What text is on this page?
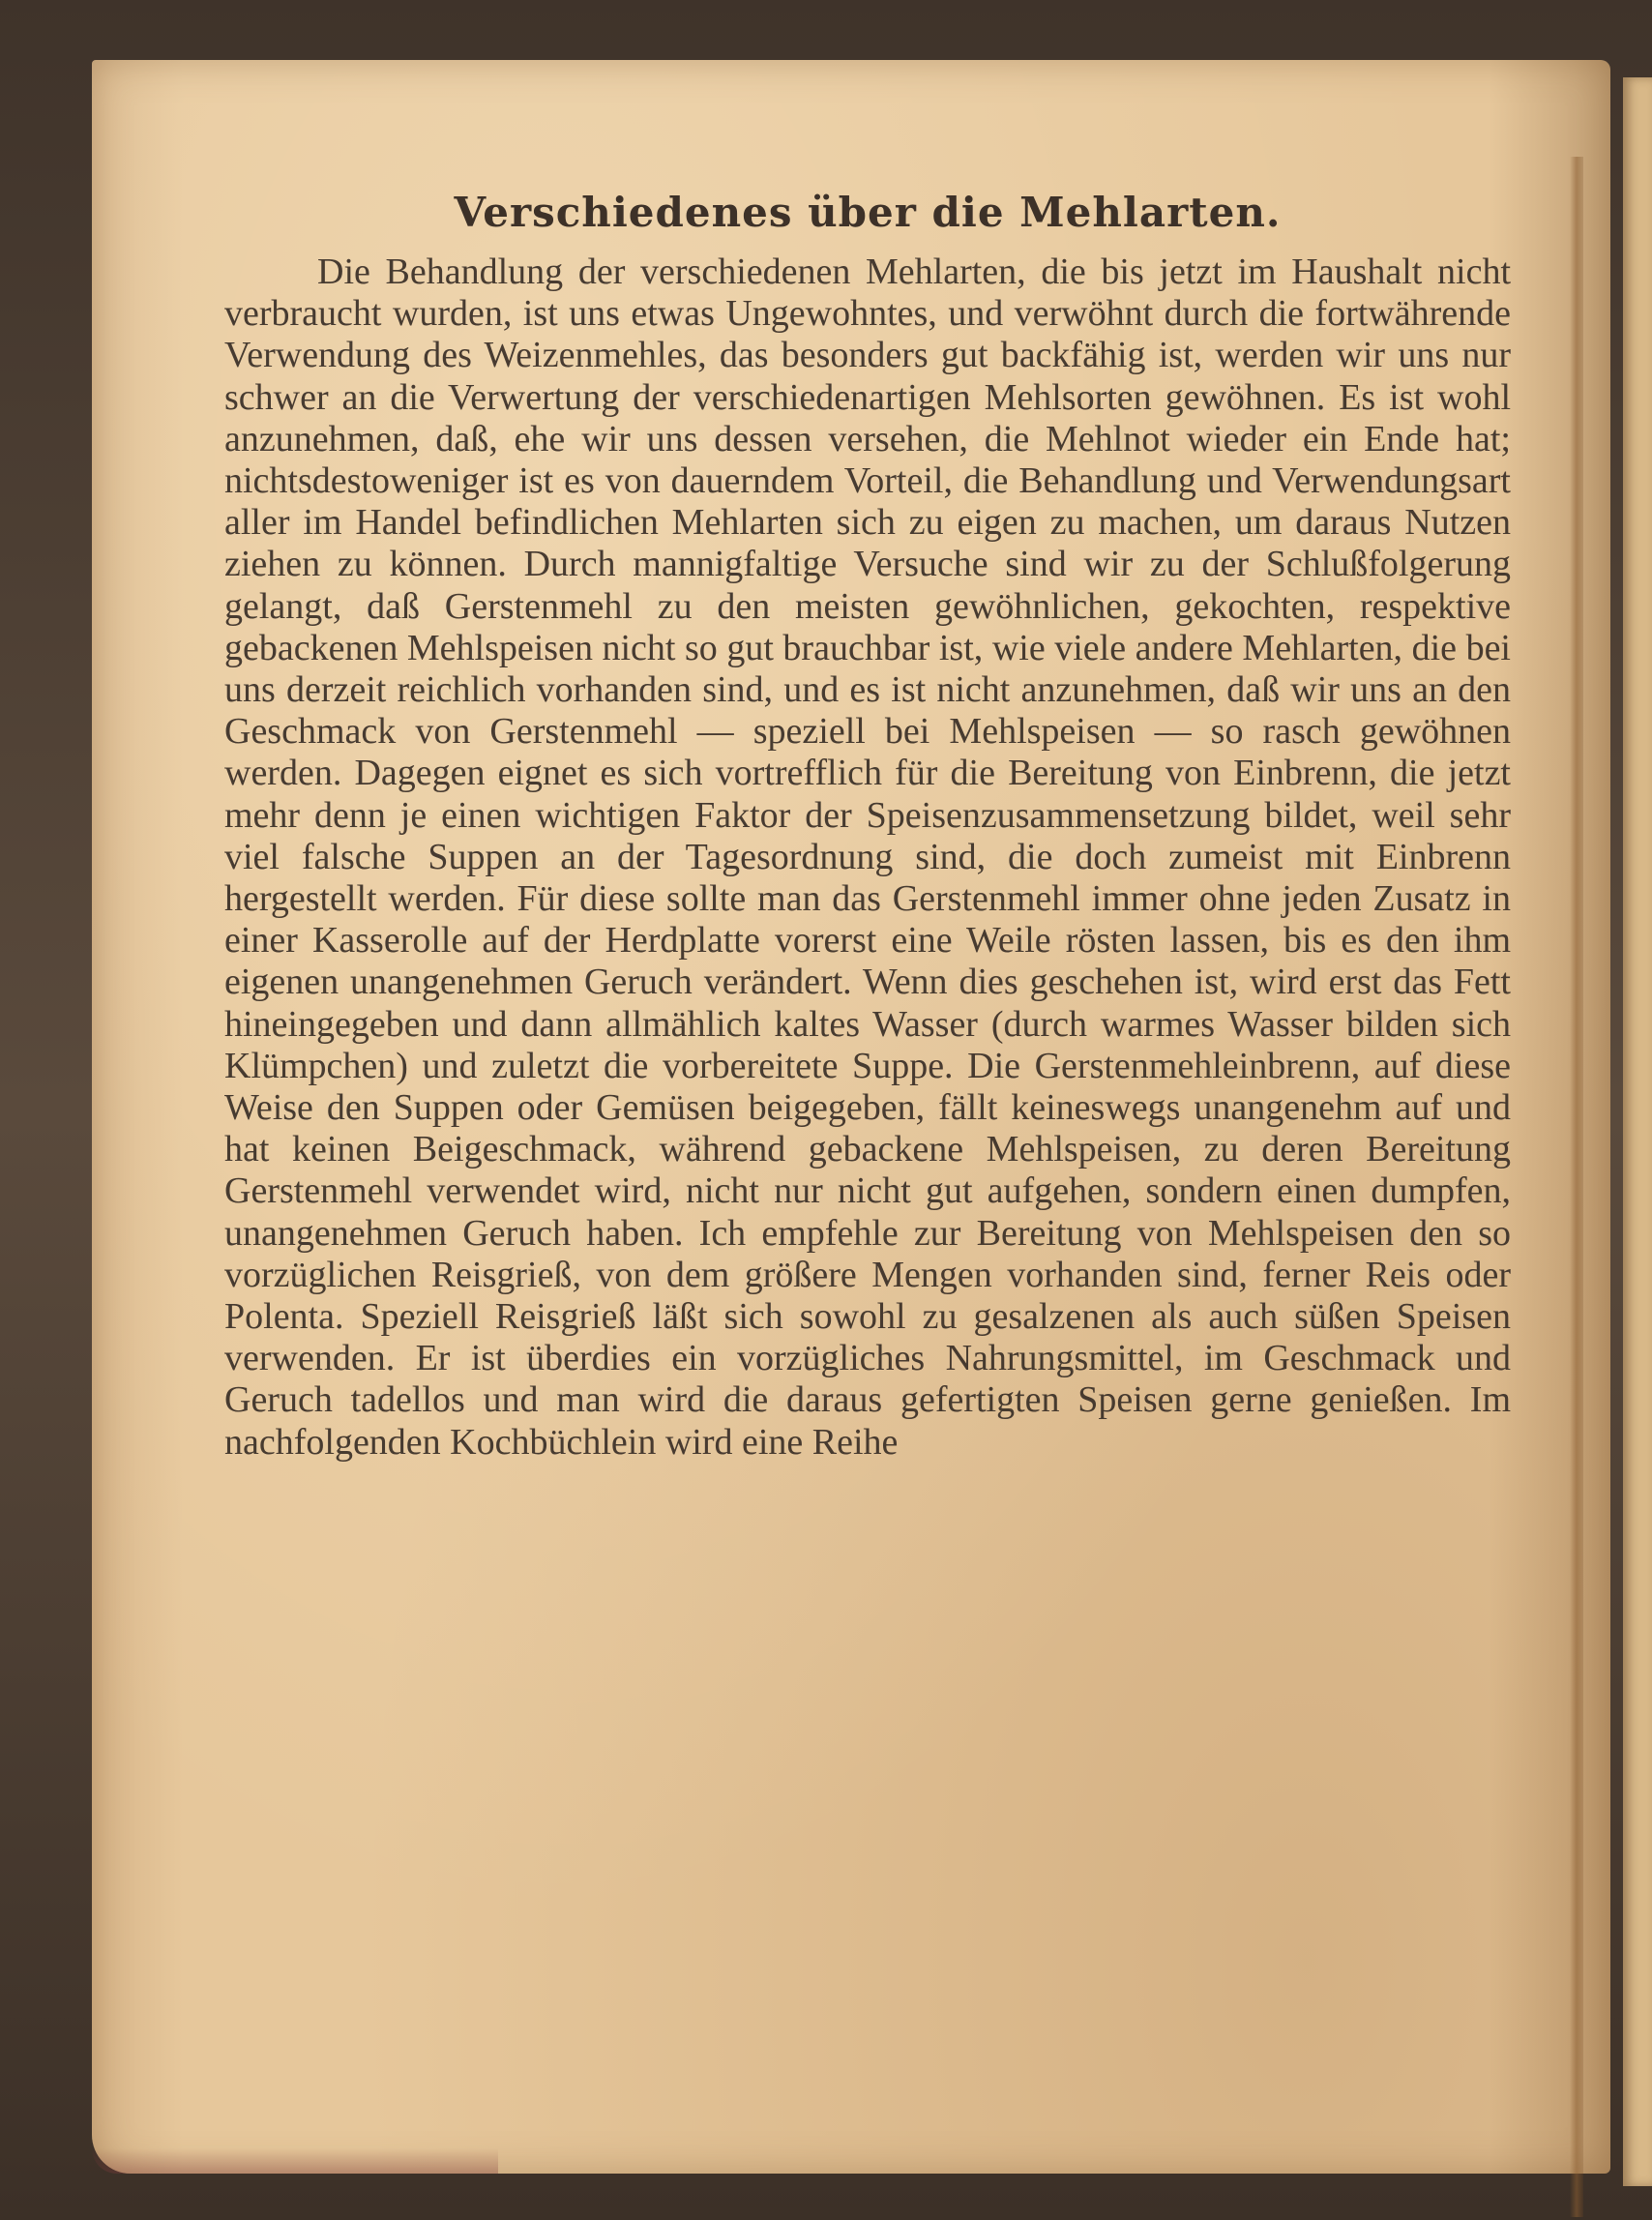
Verschiedenes über die Mehlarten.

Die Behandlung der verschiedenen Mehlarten, die bis jetzt im Haushalt nicht verbraucht wurden, ist uns etwas Ungewohntes, und verwöhnt durch die fortwährende Verwendung des Weizenmehles, das besonders gut backfähig ist, werden wir uns nur schwer an die Verwertung der verschiedenartigen Mehlsorten gewöhnen. Es ist wohl anzunehmen, daß, ehe wir uns dessen versehen, die Mehlnot wieder ein Ende hat; nichtsdestoweniger ist es von dauerndem Vorteil, die Behandlung und Verwendungsart aller im Handel befindlichen Mehlarten sich zu eigen zu machen, um daraus Nutzen ziehen zu können. Durch mannigfaltige Versuche sind wir zu der Schlußfolgerung gelangt, daß Gerstenmehl zu den meisten gewöhnlichen, gekochten, respektive gebackenen Mehlspeisen nicht so gut brauchbar ist, wie viele andere Mehlarten, die bei uns derzeit reichlich vorhanden sind, und es ist nicht anzunehmen, daß wir uns an den Geschmack von Gerstenmehl — speziell bei Mehlspeisen — so rasch gewöhnen werden. Dagegen eignet es sich vortrefflich für die Bereitung von Einbrenn, die jetzt mehr denn je einen wichtigen Faktor der Speisenzusammensetzung bildet, weil sehr viel falsche Suppen an der Tagesordnung sind, die doch zumeist mit Einbrenn hergestellt werden. Für diese sollte man das Gerstenmehl immer ohne jeden Zusatz in einer Kasserolle auf der Herdplatte vorerst eine Weile rösten lassen, bis es den ihm eigenen unangenehmen Geruch verändert. Wenn dies geschehen ist, wird erst das Fett hineingegeben und dann allmählich kaltes Wasser (durch warmes Wasser bilden sich Klümpchen) und zuletzt die vorbereitete Suppe. Die Gerstenmehleinbrenn, auf diese Weise den Suppen oder Gemüsen beigegeben, fällt keineswegs unangenehm auf und hat keinen Beigeschmack, während gebackene Mehlspeisen, zu deren Bereitung Gerstenmehl verwendet wird, nicht nur nicht gut aufgehen, sondern einen dumpfen, unangenehmen Geruch haben. Ich empfehle zur Bereitung von Mehlspeisen den so vorzüglichen Reisgrieß, von dem größere Mengen vorhanden sind, ferner Reis oder Polenta. Speziell Reisgrieß läßt sich sowohl zu gesalzenen als auch süßen Speisen verwenden. Er ist überdies ein vorzügliches Nahrungsmittel, im Geschmack und Geruch tadellos und man wird die daraus gefertigten Speisen gerne genießen. Im nachfolgenden Kochbüchlein wird eine Reihe
